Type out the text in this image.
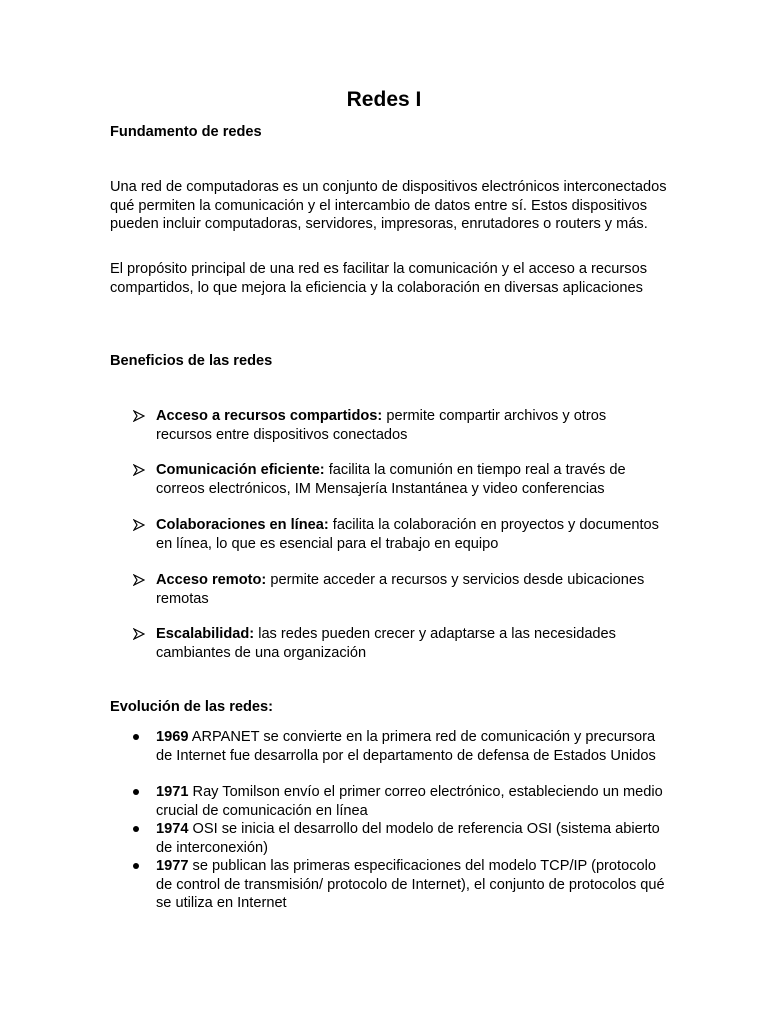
Redes I
Fundamento de redes
Una red de computadoras es un conjunto de dispositivos electrónicos interconectados qué permiten la comunicación y el intercambio de datos entre sí. Estos dispositivos pueden incluir computadoras, servidores, impresoras, enrutadores o routers y más.
El propósito principal de una red es facilitar la comunicación y el acceso a recursos compartidos, lo que mejora la eficiencia y la colaboración en diversas aplicaciones
Beneficios de las redes
Acceso a recursos compartidos: permite compartir archivos y otros recursos entre dispositivos conectados
Comunicación eficiente: facilita la comunión en tiempo real a través de correos electrónicos, IM Mensajería Instantánea y video conferencias
Colaboraciones en línea: facilita la colaboración en proyectos y documentos en línea, lo que es esencial para el trabajo en equipo
Acceso remoto: permite acceder a recursos y servicios desde ubicaciones remotas
Escalabilidad: las redes pueden crecer y adaptarse a las necesidades cambiantes de una organización
Evolución de las redes:
1969 ARPANET se convierte en la primera red de comunicación y precursora de Internet fue desarrolla por el departamento de defensa de Estados Unidos
1971 Ray Tomilson envío el primer correo electrónico, estableciendo un medio crucial de comunicación en línea
1974 OSI se inicia el desarrollo del modelo de referencia OSI (sistema abierto de interconexión)
1977 se publican las primeras especificaciones del modelo TCP/IP (protocolo de control de transmisión/ protocolo de Internet), el conjunto de protocolos qué se utiliza en Internet
